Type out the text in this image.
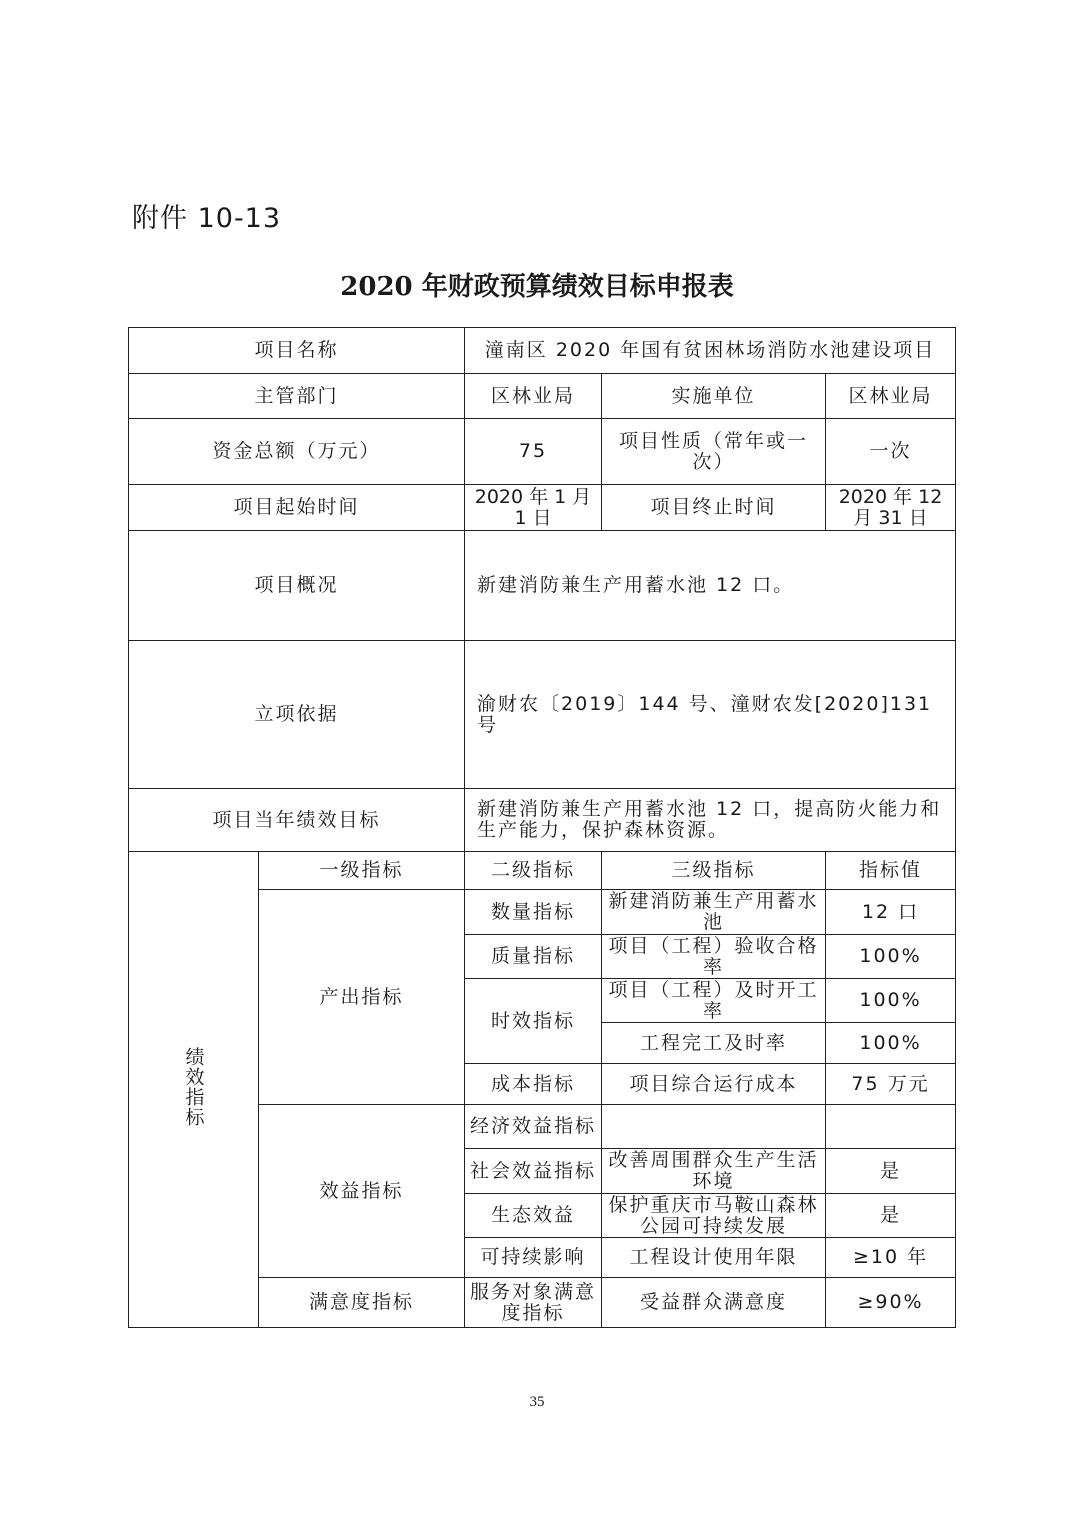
附件 10-13
2020 年财政预算绩效目标申报表
项目名称		潼南区 2020 年国有贫困林场消防水池建设项目		
主管部门		区林业局	实施单位	区林业局
资金总额（万元）		75	项目性质（常年或一次）	一次
项目起始时间		2020 年 1 月 1 日	项目终止时间	2020 年 12 月 31 日
项目概况		新建消防兼生产用蓄水池 12 口。		
立项依据		渝财农〔2019〕144 号、潼财农发[2020]131 号		
项目当年绩效目标		新建消防兼生产用蓄水池 12 口，提高防火能力和生产能力，保护森林资源。		
绩效指标	一级指标	二级指标	三级指标	指标值
	产出指标	数量指标	新建消防兼生产用蓄水池	12 口
		质量指标	项目（工程）验收合格率	100%
		时效指标	项目（工程）及时开工率	100%
			工程完工及时率	100%
		成本指标	项目综合运行成本	75 万元
	效益指标	经济效益指标		
		社会效益指标	改善周围群众生产生活环境	是
		生态效益	保护重庆市马鞍山森林公园可持续发展	是
		可持续影响	工程设计使用年限	≥10 年
	满意度指标	服务对象满意度指标	受益群众满意度	≥90%
35
